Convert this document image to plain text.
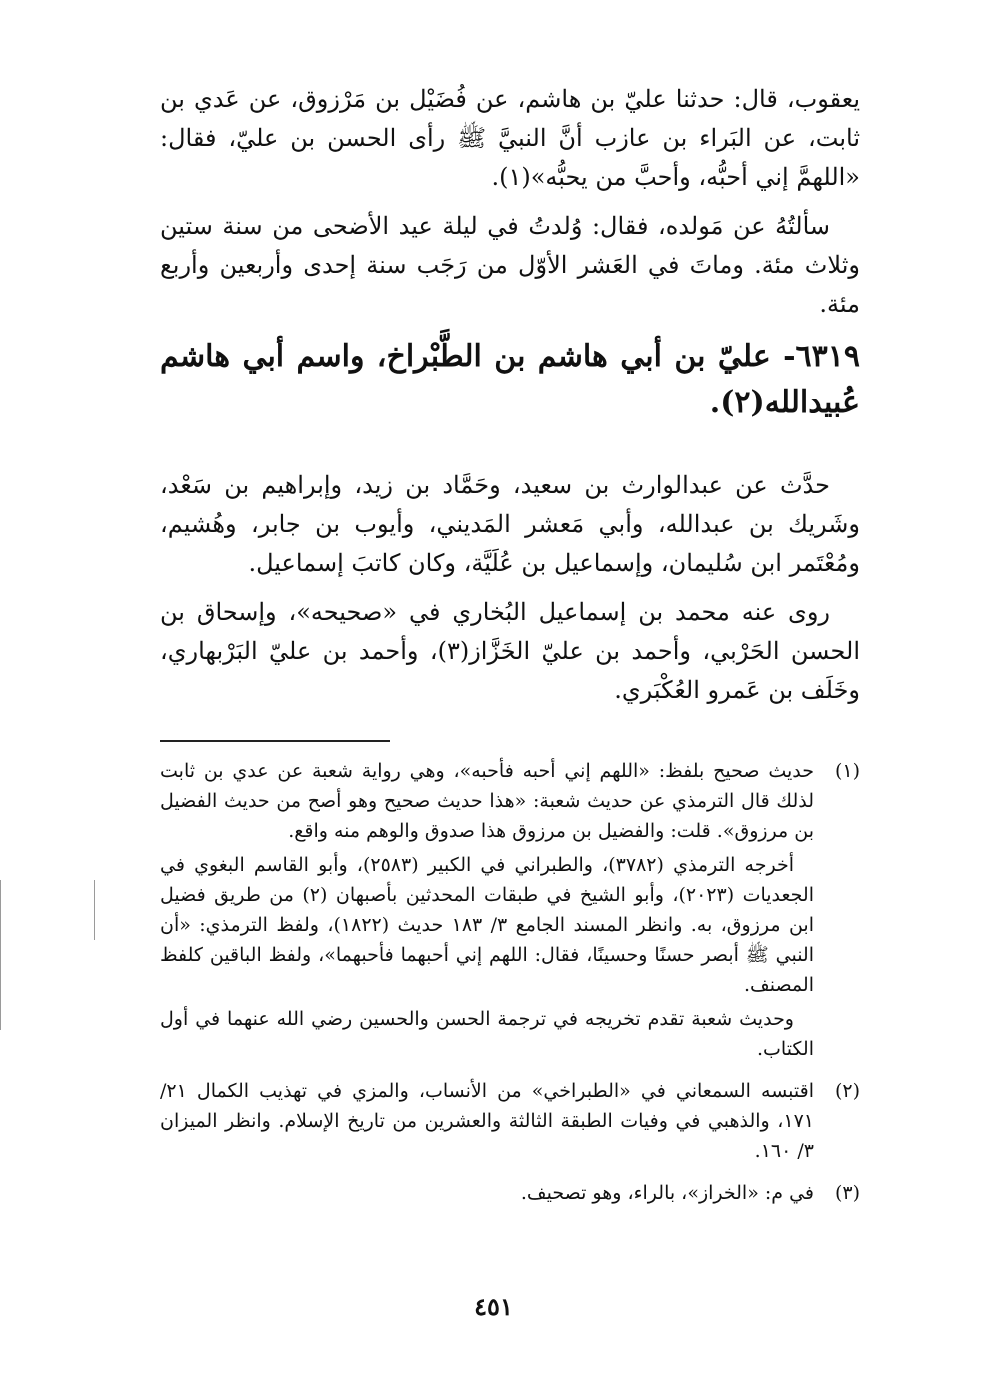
يعقوب، قال: حدثنا عليّ بن هاشم، عن فُضَيْل بن مَرْزوق، عن عَدي بن ثابت، عن البَراء بن عازب أنَّ النبيَّ ﷺ رأى الحسن بن عليّ، فقال: «اللهمَّ إني أحبُّه، وأحبَّ من يحبُّه»(١).

سألتُهُ عن مَولده، فقال: وُلدتُ في ليلة عيد الأضحى من سنة ستين وثلاث مئة. وماتَ في العَشر الأوّل من رَجَب سنة إحدى وأربعين وأربع مئة.

٦٣١٩- عليّ بن أبي هاشم بن الطَّبْراخ، واسم أبي هاشم عُبيدالله(٢).

حدَّث عن عبدالوارث بن سعيد، وحَمَّاد بن زيد، وإبراهيم بن سَعْد، وشَريك بن عبدالله، وأبي مَعشر المَديني، وأيوب بن جابر، وهُشيم، ومُعْتَمر ابن سُليمان، وإسماعيل بن عُلَيَّة، وكان كاتبَ إسماعيل.

روى عنه محمد بن إسماعيل البُخاري في «صحيحه»، وإسحاق بن الحسن الحَرْبي، وأحمد بن عليّ الخَزَّاز(٣)، وأحمد بن عليّ البَرْبهاري، وخَلَف بن عَمرو العُكْبَري.

(١)

حديث صحيح بلفظ: «اللهم إني أحبه فأحبه»، وهي رواية شعبة عن عدي بن ثابت لذلك قال الترمذي عن حديث شعبة: «هذا حديث صحيح وهو أصح من حديث الفضيل بن مرزوق». قلت: والفضيل بن مرزوق هذا صدوق والوهم منه واقع.

أخرجه الترمذي (٣٧٨٢)، والطبراني في الكبير (٢٥٨٣)، وأبو القاسم البغوي في الجعديات (٢٠٢٣)، وأبو الشيخ في طبقات المحدثين بأصبهان (٢) من طريق فضيل ابن مرزوق، به. وانظر المسند الجامع ٣/ ١٨٣ حديث (١٨٢٢)، ولفظ الترمذي: «أن النبي ﷺ أبصر حسنًا وحسينًا، فقال: اللهم إني أحبهما فأحبهما»، ولفظ الباقين كلفظ المصنف.

وحديث شعبة تقدم تخريجه في ترجمة الحسن والحسين رضي الله عنهما في أول الكتاب.

(٢)

اقتبسه السمعاني في «الطبراخي» من الأنساب، والمزي في تهذيب الكمال ٢١/ ١٧١، والذهبي في وفيات الطبقة الثالثة والعشرين من تاريخ الإسلام. وانظر الميزان ٣/ ١٦٠.

(٣)

في م: «الخراز»، بالراء، وهو تصحيف.

٤٥١
